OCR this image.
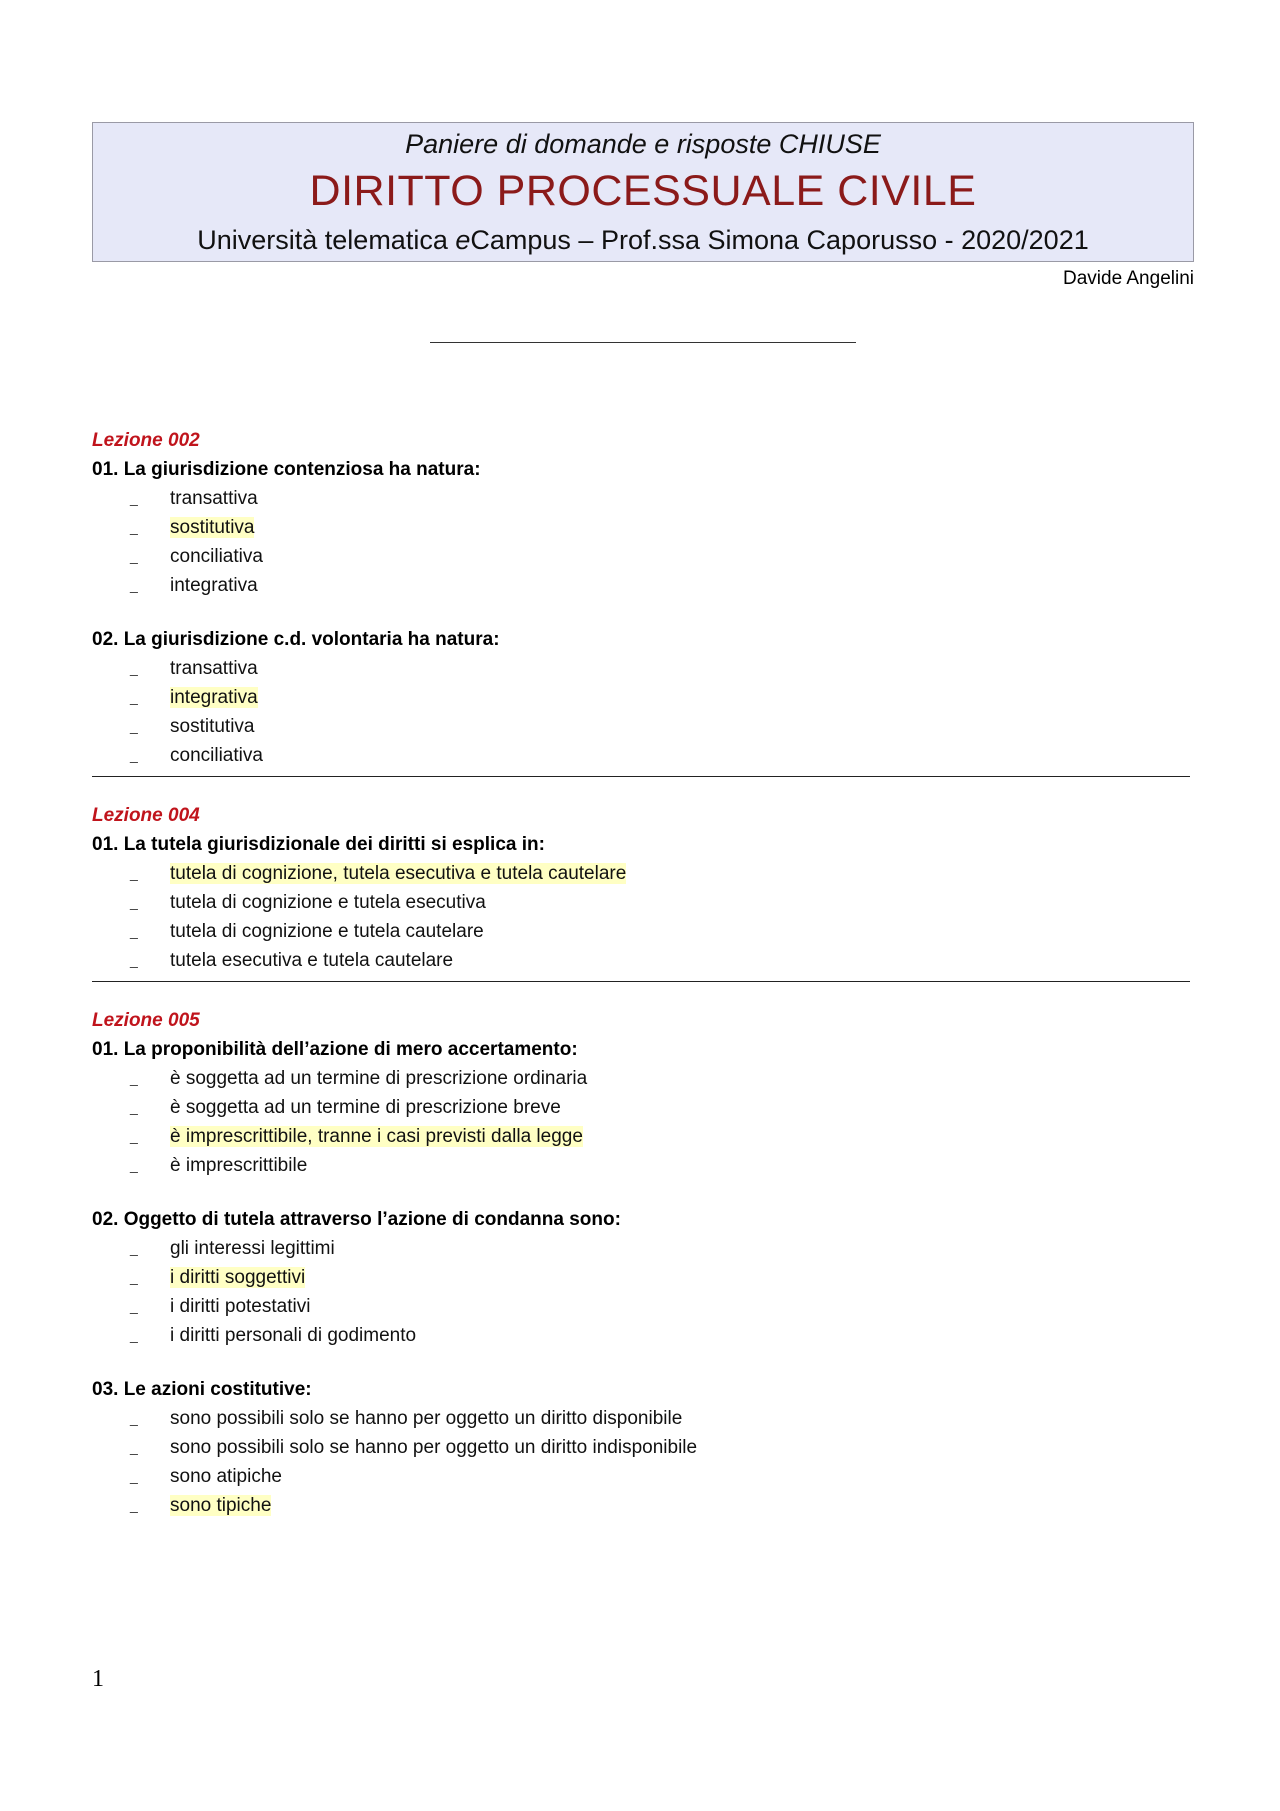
Paniere di domande e risposte CHIUSE
DIRITTO PROCESSUALE CIVILE
Università telematica eCampus – Prof.ssa Simona Caporusso - 2020/2021
Davide Angelini
Lezione 002
01. La giurisdizione contenziosa ha natura:
_	transattiva
_	sostitutiva
_	conciliativa
_	integrativa
02. La giurisdizione c.d. volontaria ha natura:
_	transattiva
_	integrativa
_	sostitutiva
_	conciliativa
Lezione 004
01. La tutela giurisdizionale dei diritti si esplica in:
_	tutela di cognizione, tutela esecutiva e tutela cautelare
_	tutela di cognizione e tutela esecutiva
_	tutela di cognizione e tutela cautelare
_	tutela esecutiva e tutela cautelare
Lezione 005
01. La proponibilità dell’azione di mero accertamento:
_	è soggetta ad un termine di prescrizione ordinaria
_	è soggetta ad un termine di prescrizione breve
_	è imprescrittibile, tranne i casi previsti dalla legge
_	è imprescrittibile
02. Oggetto di tutela attraverso l’azione di condanna sono:
_	gli interessi legittimi
_	i diritti soggettivi
_	i diritti potestativi
_	i diritti personali di godimento
03. Le azioni costitutive:
_	sono possibili solo se hanno per oggetto un diritto disponibile
_	sono possibili solo se hanno per oggetto un diritto indisponibile
_	sono atipiche
_	sono tipiche
1
